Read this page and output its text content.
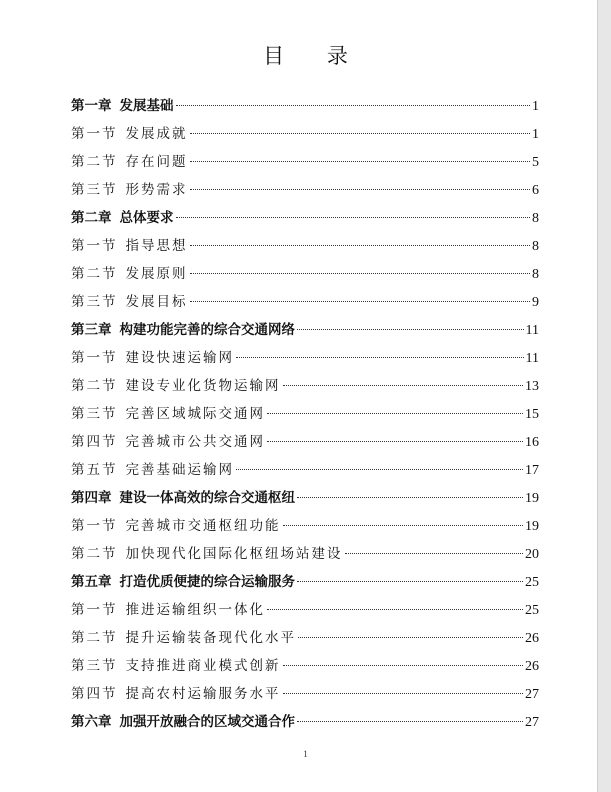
目 录
第一章 发展基础	1
第一节 发展成就	1
第二节 存在问题	5
第三节 形势需求	6
第二章 总体要求	8
第一节 指导思想	8
第二节 发展原则	8
第三节 发展目标	9
第三章 构建功能完善的综合交通网络	11
第一节 建设快速运输网	11
第二节 建设专业化货物运输网	13
第三节 完善区域城际交通网	15
第四节 完善城市公共交通网	16
第五节 完善基础运输网	17
第四章 建设一体高效的综合交通枢纽	19
第一节 完善城市交通枢纽功能	19
第二节 加快现代化国际化枢纽场站建设	20
第五章 打造优质便捷的综合运输服务	25
第一节 推进运输组织一体化	25
第二节 提升运输装备现代化水平	26
第三节 支持推进商业模式创新	26
第四节 提高农村运输服务水平	27
第六章 加强开放融合的区域交通合作	27
1
